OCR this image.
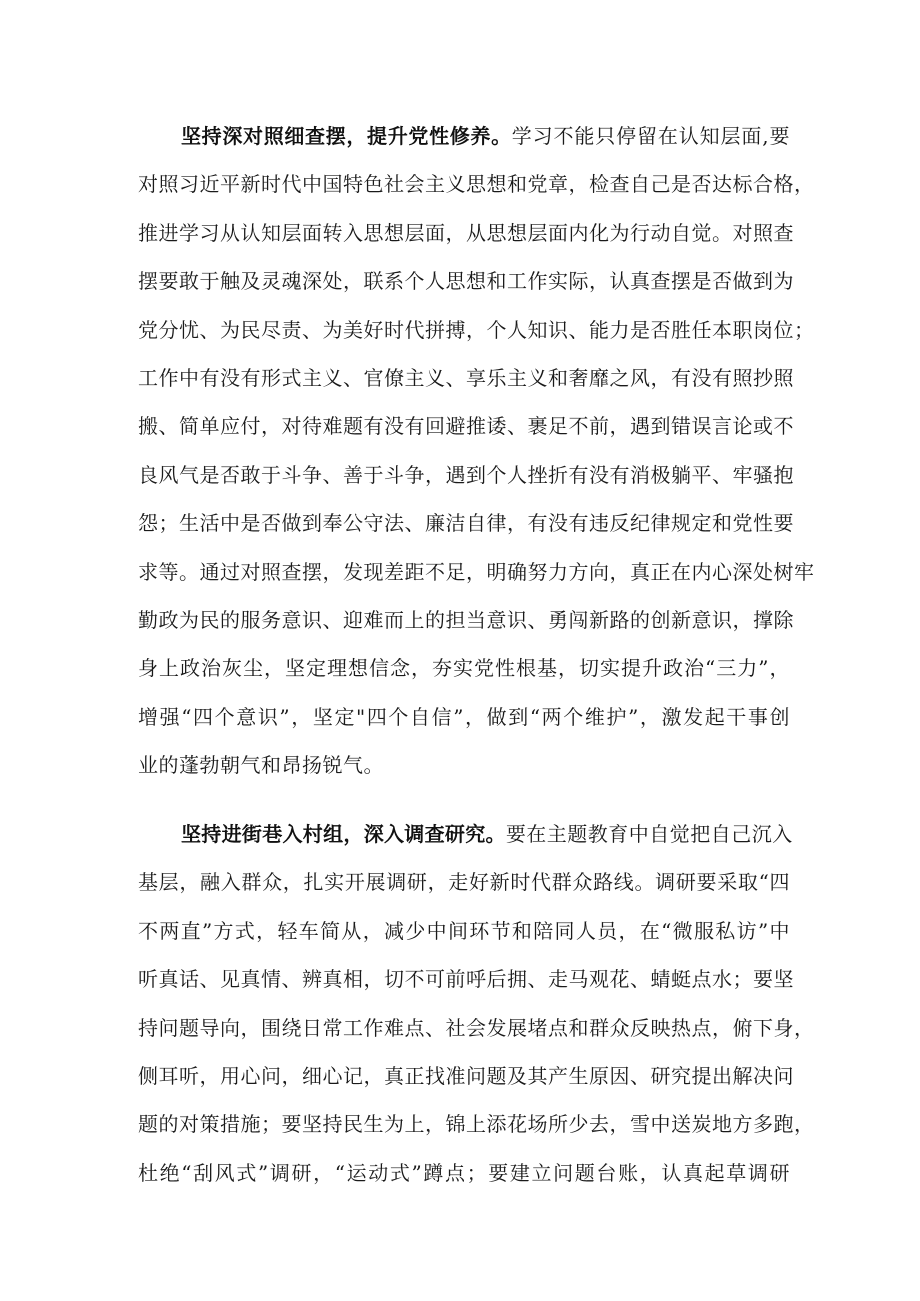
坚持深对照细查摆，提升党性修养。学习不能只停留在认知层面,要
对照习近平新时代中国特色社会主义思想和党章，检查自己是否达标合格，
推进学习从认知层面转入思想层面，从思想层面内化为行动自觉。对照查
摆要敢于触及灵魂深处，联系个人思想和工作实际，认真查摆是否做到为
党分忧、为民尽责、为美好时代拼搏，个人知识、能力是否胜任本职岗位；
工作中有没有形式主义、官僚主义、享乐主义和奢靡之风，有没有照抄照
搬、简单应付，对待难题有没有回避推诿、裹足不前，遇到错误言论或不
良风气是否敢于斗争、善于斗争，遇到个人挫折有没有消极躺平、牢骚抱
怨；生活中是否做到奉公守法、廉洁自律，有没有违反纪律规定和党性要
求等。通过对照查摆，发现差距不足，明确努力方向，真正在内心深处树牢
勤政为民的服务意识、迎难而上的担当意识、勇闯新路的创新意识，撑除
身上政治灰尘，坚定理想信念，夯实党性根基，切实提升政治“三力”，
增强“四个意识”，坚定"四个自信”，做到“两个维护”，激发起干事创
业的蓬勃朝气和昂扬锐气。
坚持进街巷入村组，深入调查研究。要在主题教育中自觉把自己沉入
基层，融入群众，扎实开展调研，走好新时代群众路线。调研要采取“四
不两直”方式，轻车简从，减少中间环节和陪同人员，在“微服私访”中
听真话、见真情、辨真相，切不可前呼后拥、走马观花、蜻蜓点水；要坚
持问题导向，围绕日常工作难点、社会发展堵点和群众反映热点，俯下身，
侧耳听，用心问，细心记，真正找准问题及其产生原因、研究提出解决问
题的对策措施；要坚持民生为上，锦上添花场所少去，雪中送炭地方多跑，
杜绝“刮风式”调研，“运动式”蹲点；要建立问题台账，认真起草调研
